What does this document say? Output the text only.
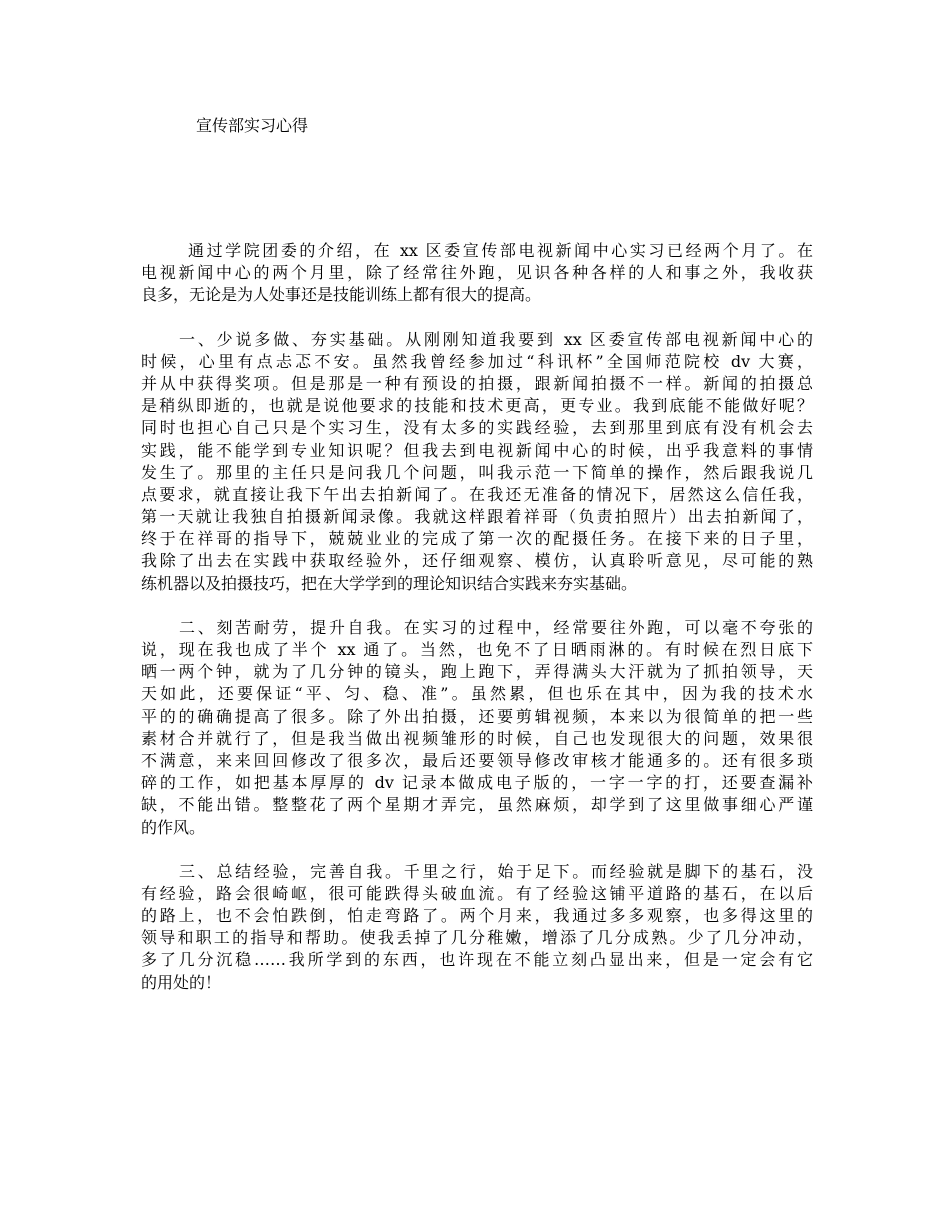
宣传部实习心得
通过学院团委的介绍，在 xx 区委宣传部电视新闻中心实习已经两个月了。在
电视新闻中心的两个月里，除了经常往外跑，见识各种各样的人和事之外，我收获
良多，无论是为人处事还是技能训练上都有很大的提高。
一、少说多做、夯实基础。从刚刚知道我要到 xx 区委宣传部电视新闻中心的
时候，心里有点忐忑不安。虽然我曾经参加过“科讯杯”全国师范院校 dv 大赛，
并从中获得奖项。但是那是一种有预设的拍摄，跟新闻拍摄不一样。新闻的拍摄总
是稍纵即逝的，也就是说他要求的技能和技术更高，更专业。我到底能不能做好呢？
同时也担心自己只是个实习生，没有太多的实践经验，去到那里到底有没有机会去
实践，能不能学到专业知识呢？但我去到电视新闻中心的时候，出乎我意料的事情
发生了。那里的主任只是问我几个问题，叫我示范一下简单的操作，然后跟我说几
点要求，就直接让我下午出去拍新闻了。在我还无准备的情况下，居然这么信任我，
第一天就让我独自拍摄新闻录像。我就这样跟着祥哥（负责拍照片）出去拍新闻了，
终于在祥哥的指导下，兢兢业业的完成了第一次的配摄任务。在接下来的日子里，
我除了出去在实践中获取经验外，还仔细观察、模仿，认真聆听意见，尽可能的熟
练机器以及拍摄技巧，把在大学学到的理论知识结合实践来夯实基础。
二、刻苦耐劳，提升自我。在实习的过程中，经常要往外跑，可以毫不夸张的
说，现在我也成了半个 xx 通了。当然，也免不了日晒雨淋的。有时候在烈日底下
晒一两个钟，就为了几分钟的镜头，跑上跑下，弄得满头大汗就为了抓拍领导，天
天如此，还要保证“平、匀、稳、准”。虽然累，但也乐在其中，因为我的技术水
平的的确确提高了很多。除了外出拍摄，还要剪辑视频，本来以为很简单的把一些
素材合并就行了，但是我当做出视频雏形的时候，自己也发现很大的问题，效果很
不满意，来来回回修改了很多次，最后还要领导修改审核才能通多的。还有很多琐
碎的工作，如把基本厚厚的 dv 记录本做成电子版的，一字一字的打，还要查漏补
缺，不能出错。整整花了两个星期才弄完，虽然麻烦，却学到了这里做事细心严谨
的作风。
三、总结经验，完善自我。千里之行，始于足下。而经验就是脚下的基石，没
有经验，路会很崎岖，很可能跌得头破血流。有了经验这铺平道路的基石，在以后
的路上，也不会怕跌倒，怕走弯路了。两个月来，我通过多多观察，也多得这里的
领导和职工的指导和帮助。使我丢掉了几分稚嫩，增添了几分成熟。少了几分冲动，
多了几分沉稳……我所学到的东西，也许现在不能立刻凸显出来，但是一定会有它
的用处的！
